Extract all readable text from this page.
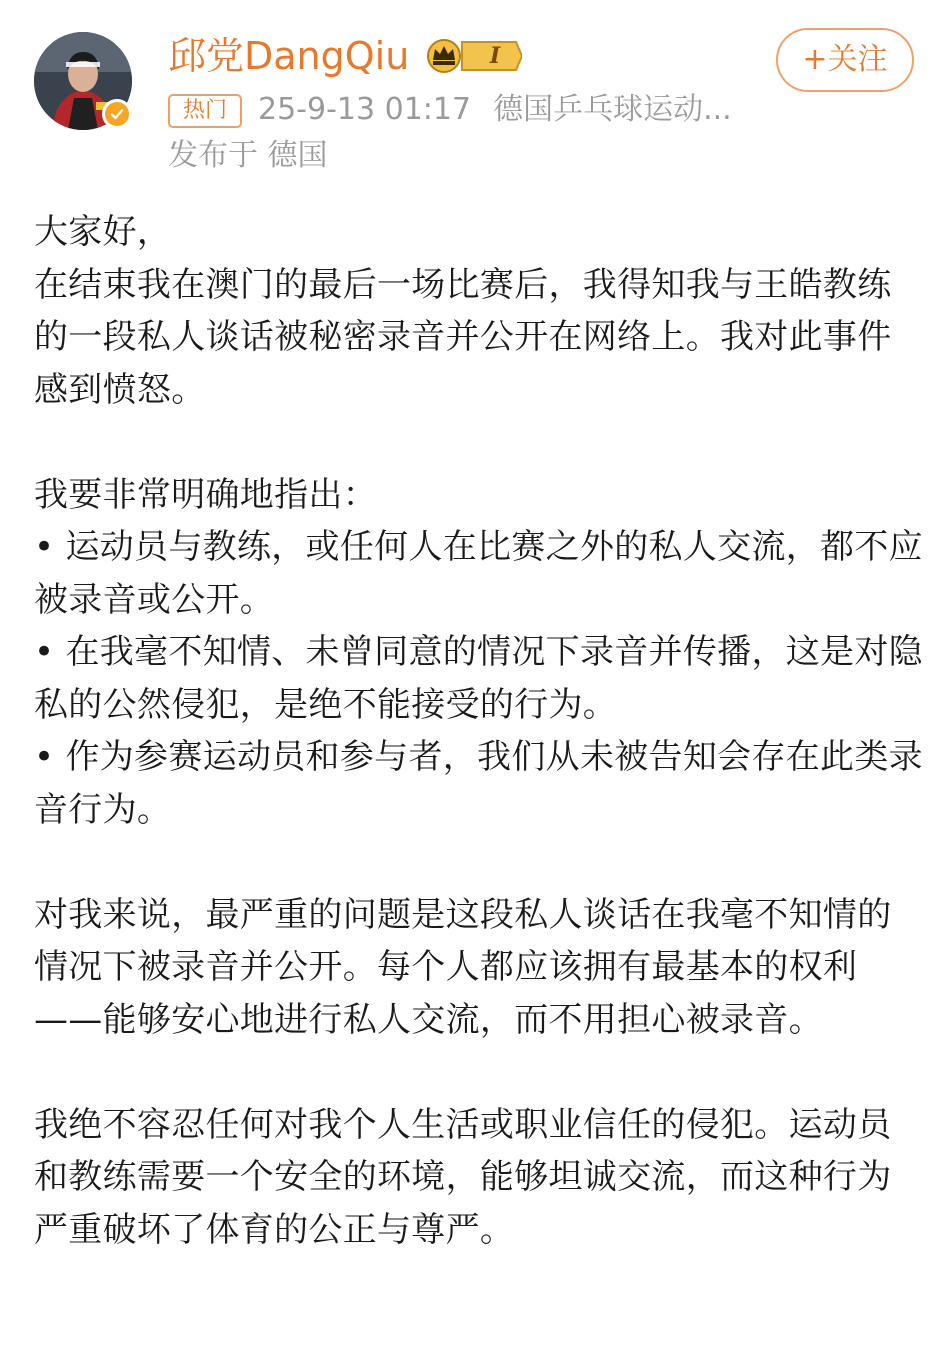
邱党DangQiu	I	+关注
热门	25-9-13 01:17 德国乒乓球运动...
发布于 德国

大家好，

在结束我在澳门的最后一场比赛后，我得知我与王皓教练的一段私人谈话被秘密录音并公开在网络上。我对此事件感到愤怒。

我要非常明确地指出：

• 运动员与教练，或任何人在比赛之外的私人交流，都不应被录音或公开。

• 在我毫不知情、未曾同意的情况下录音并传播，这是对隐私的公然侵犯，是绝不能接受的行为。

• 作为参赛运动员和参与者，我们从未被告知会存在此类录音行为。

对我来说，最严重的问题是这段私人谈话在我毫不知情的情况下被录音并公开。每个人都应该拥有最基本的权利——能够安心地进行私人交流，而不用担心被录音。

我绝不容忍任何对我个人生活或职业信任的侵犯。运动员和教练需要一个安全的环境，能够坦诚交流，而这种行为严重破坏了体育的公正与尊严。
